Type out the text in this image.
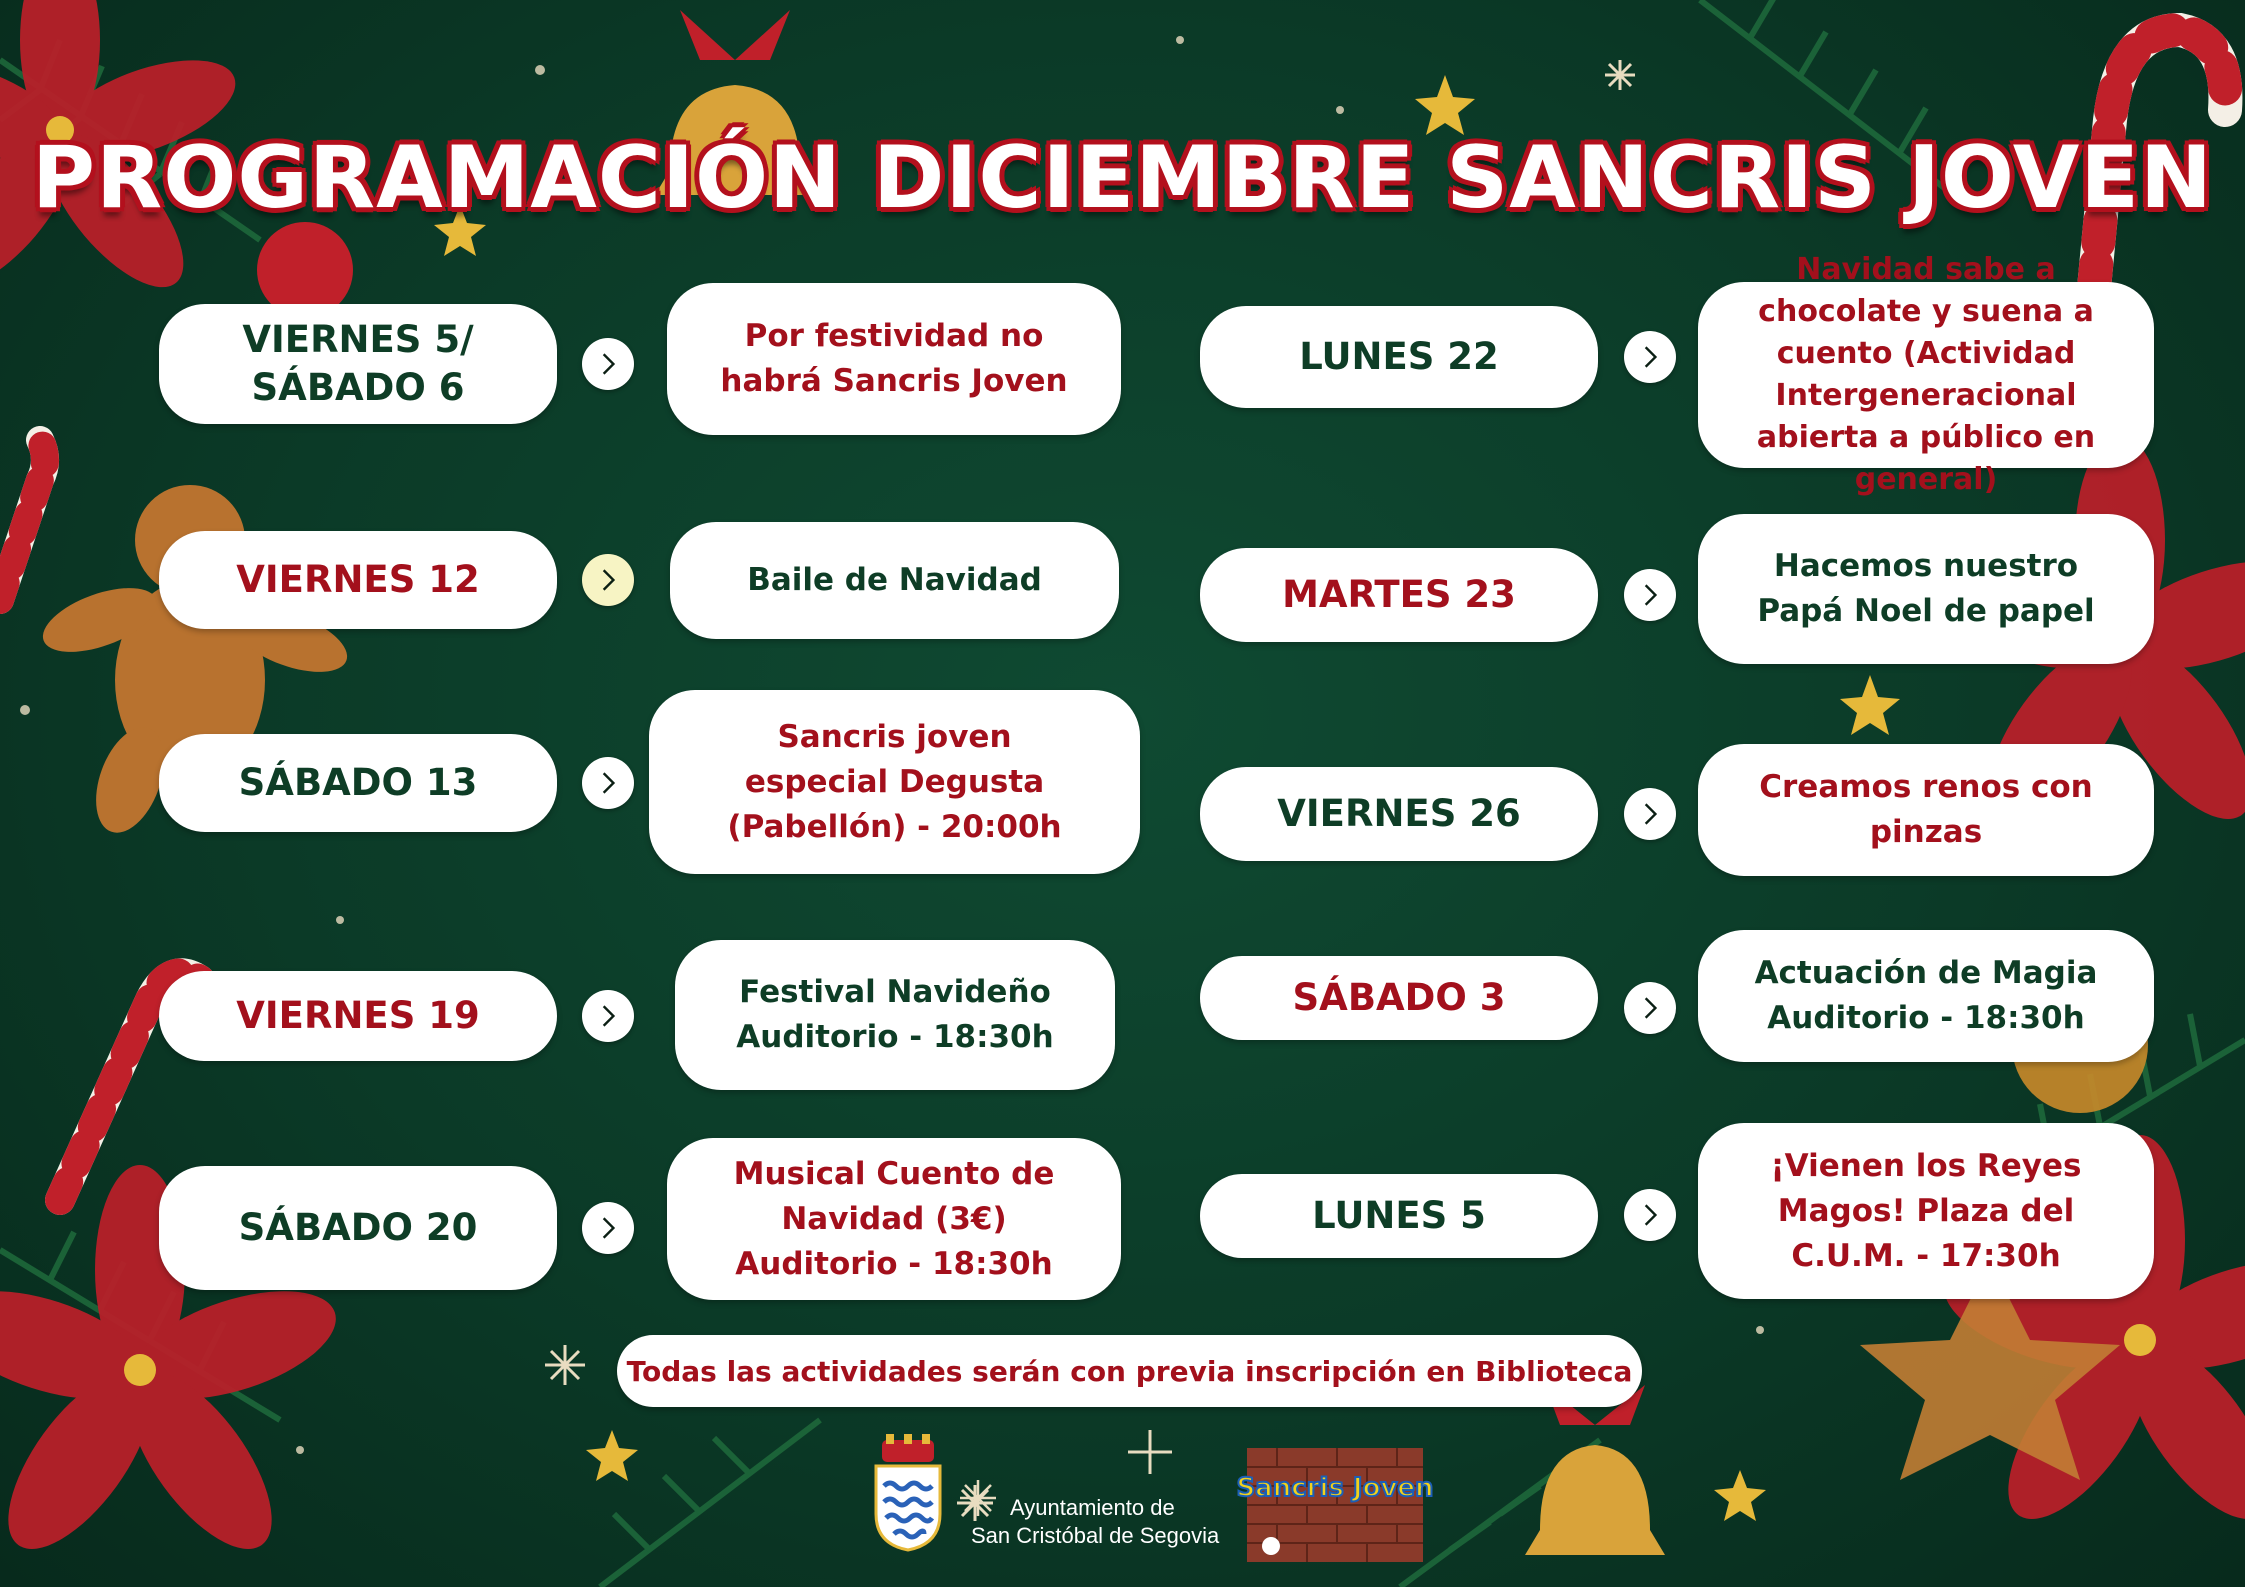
PROGRAMACIÓN DICIEMBRE SANCRIS JOVEN
VIERNES 5/ SÁBADO 6
Por festividad no habrá Sancris Joven
VIERNES 12	Baile de Navidad
SÁBADO 13
Sancris joven especial Degusta (Pabellón) - 20:00h
VIERNES 19
Festival Navideño Auditorio - 18:30h
SÁBADO 20
Musical Cuento de Navidad (3€) Auditorio - 18:30h
LUNES 22
Navidad sabe a chocolate y suena a cuento (Actividad Intergeneracional abierta a público en general)
MARTES 23
Hacemos nuestro Papá Noel de papel
VIERNES 26
Creamos renos con pinzas
SÁBADO 3
Actuación de Magia Auditorio - 18:30h
LUNES 5
¡Vienen los Reyes Magos! Plaza del C.U.M. - 17:30h
Todas las actividades serán con previa inscripción en Biblioteca
Ayuntamiento de
San Cristóbal de Segovia
Sancris Joven
